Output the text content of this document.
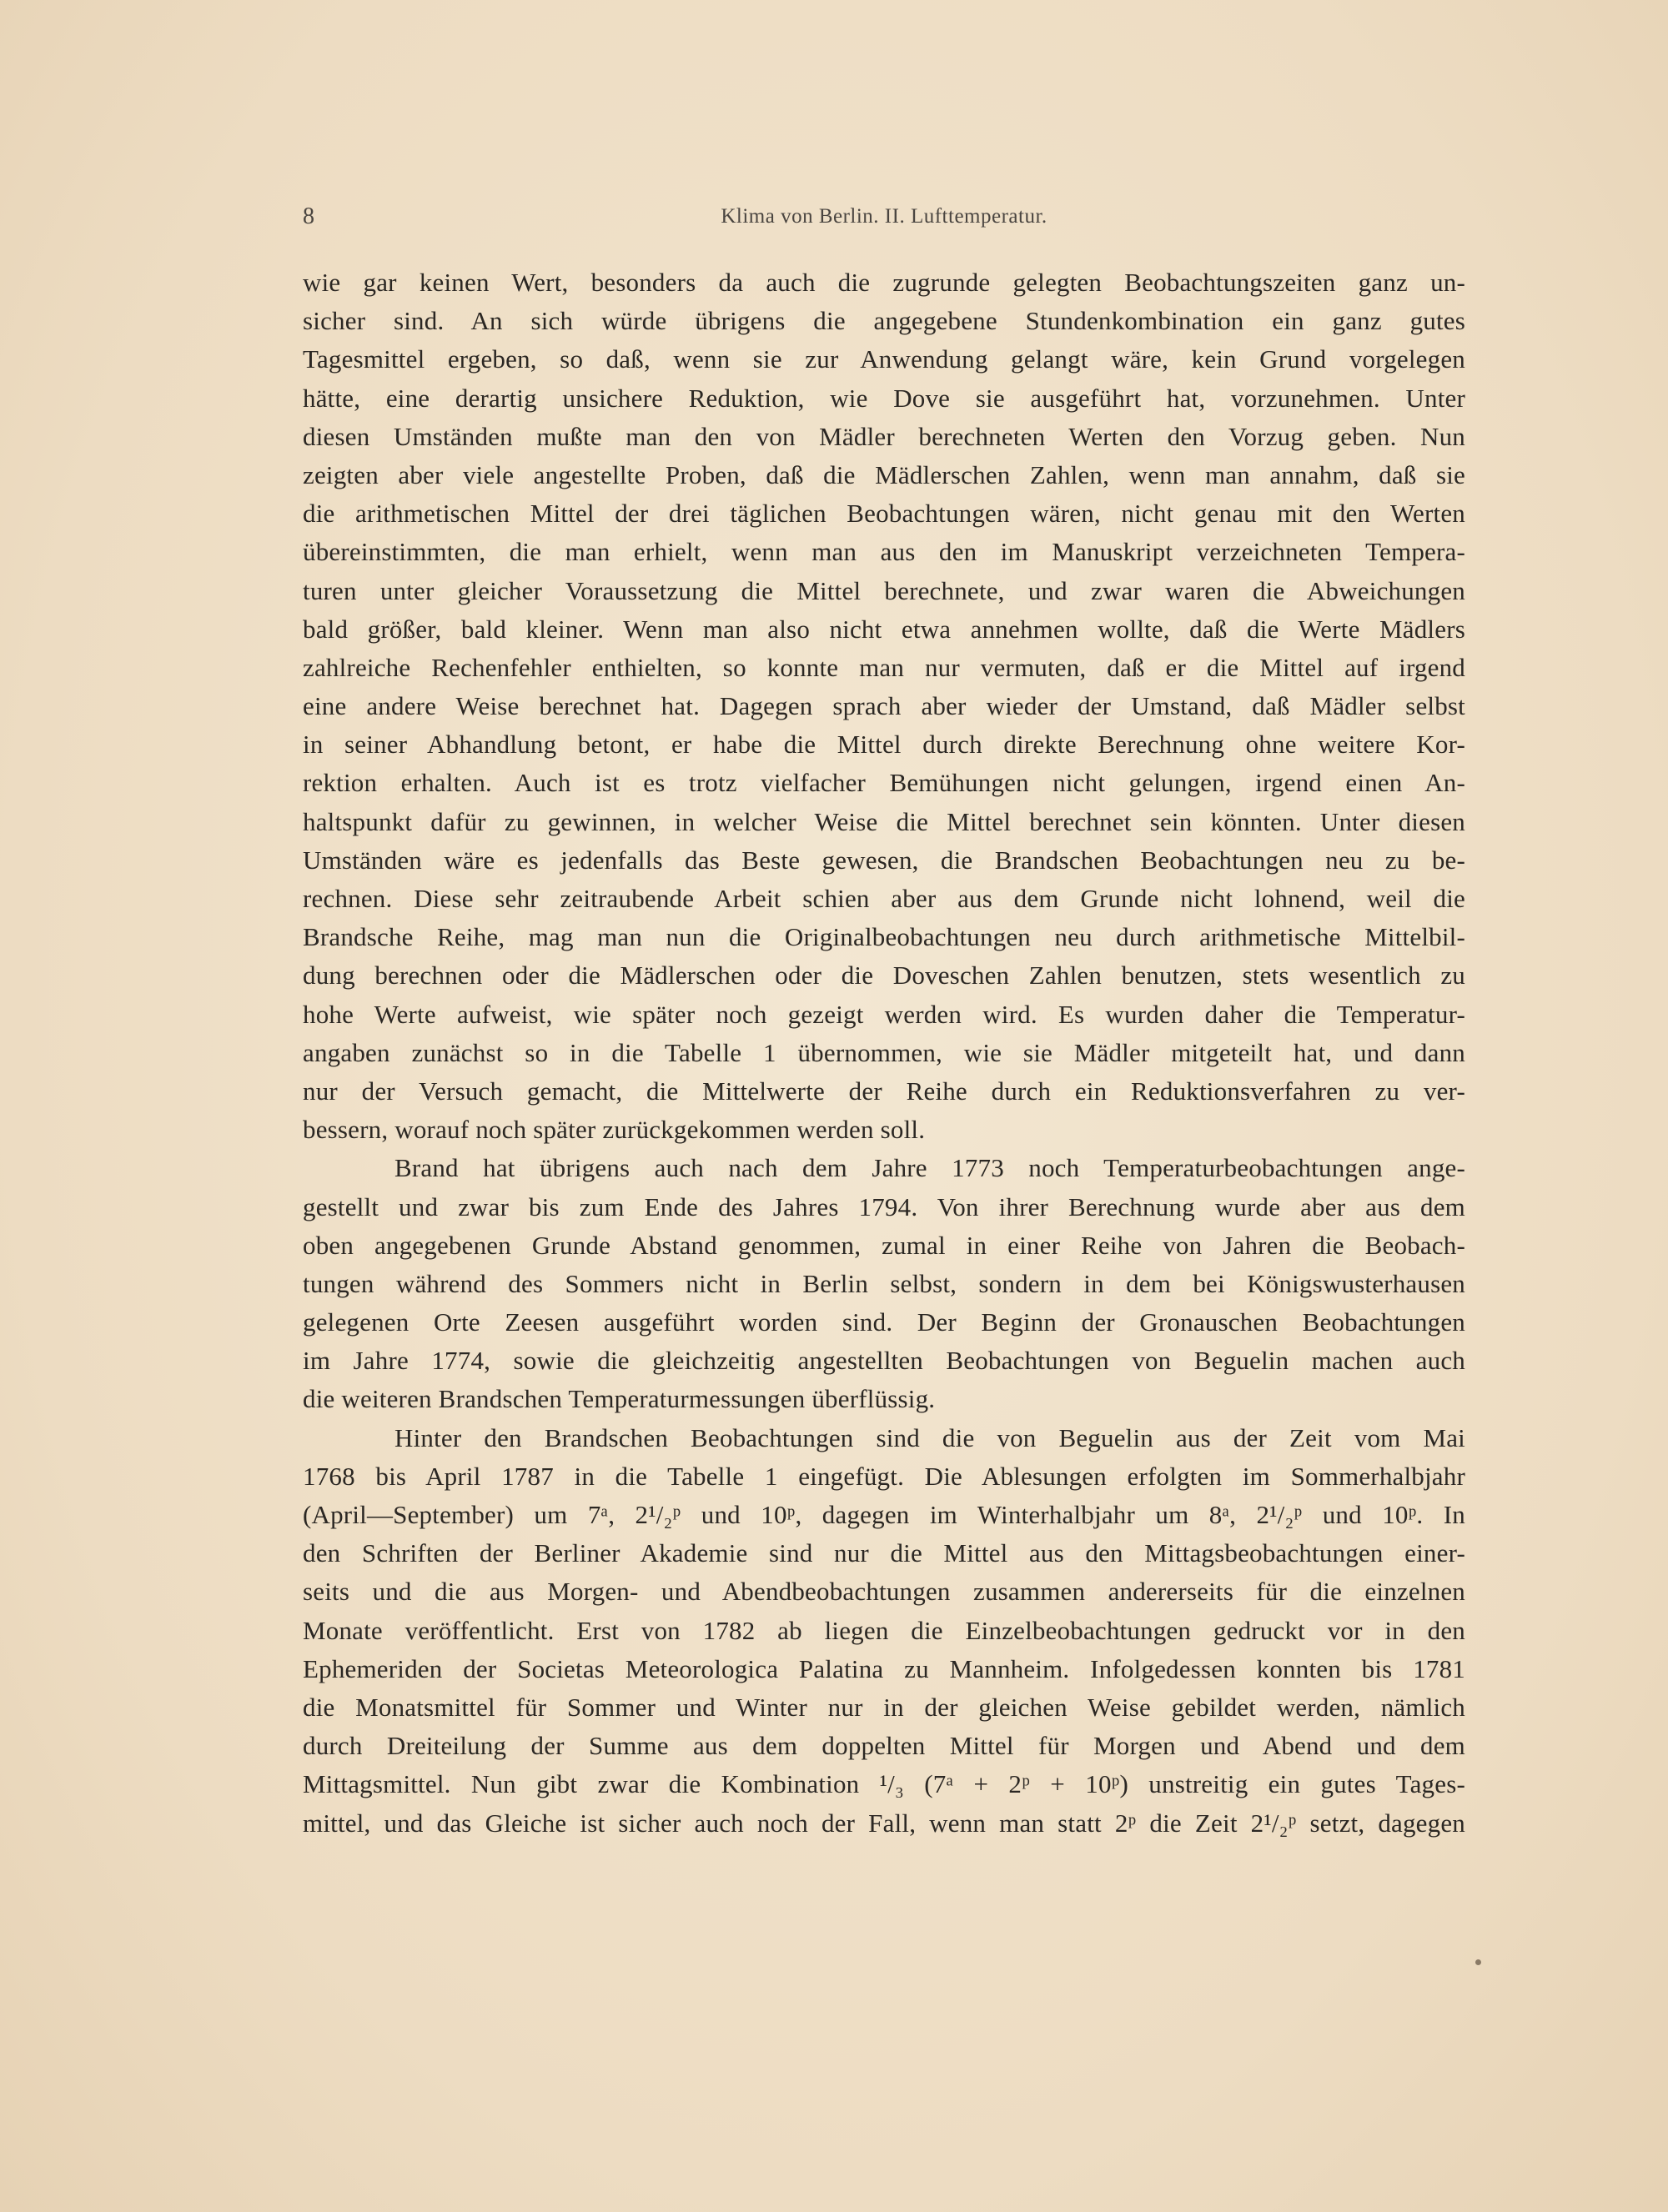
8	Klima von Berlin. II. Lufttemperatur.
wie gar keinen Wert, besonders da auch die zugrunde gelegten Beobachtungszeiten ganz un-
sicher sind. An sich würde übrigens die angegebene Stundenkombination ein ganz gutes
Tagesmittel ergeben, so daß, wenn sie zur Anwendung gelangt wäre, kein Grund vorgelegen
hätte, eine derartig unsichere Reduktion, wie Dove sie ausgeführt hat, vorzunehmen. Unter
diesen Umständen mußte man den von Mädler berechneten Werten den Vorzug geben. Nun
zeigten aber viele angestellte Proben, daß die Mädlerschen Zahlen, wenn man annahm, daß sie
die arithmetischen Mittel der drei täglichen Beobachtungen wären, nicht genau mit den Werten
übereinstimmten, die man erhielt, wenn man aus den im Manuskript verzeichneten Tempera-
turen unter gleicher Voraussetzung die Mittel berechnete, und zwar waren die Abweichungen
bald größer, bald kleiner. Wenn man also nicht etwa annehmen wollte, daß die Werte Mädlers
zahlreiche Rechenfehler enthielten, so konnte man nur vermuten, daß er die Mittel auf irgend
eine andere Weise berechnet hat. Dagegen sprach aber wieder der Umstand, daß Mädler selbst
in seiner Abhandlung betont, er habe die Mittel durch direkte Berechnung ohne weitere Kor-
rektion erhalten. Auch ist es trotz vielfacher Bemühungen nicht gelungen, irgend einen An-
haltspunkt dafür zu gewinnen, in welcher Weise die Mittel berechnet sein könnten. Unter diesen
Umständen wäre es jedenfalls das Beste gewesen, die Brandschen Beobachtungen neu zu be-
rechnen. Diese sehr zeitraubende Arbeit schien aber aus dem Grunde nicht lohnend, weil die
Brandsche Reihe, mag man nun die Originalbeobachtungen neu durch arithmetische Mittelbil-
dung berechnen oder die Mädlerschen oder die Doveschen Zahlen benutzen, stets wesentlich zu
hohe Werte aufweist, wie später noch gezeigt werden wird. Es wurden daher die Temperatur-
angaben zunächst so in die Tabelle 1 übernommen, wie sie Mädler mitgeteilt hat, und dann
nur der Versuch gemacht, die Mittelwerte der Reihe durch ein Reduktionsverfahren zu ver-
bessern, worauf noch später zurückgekommen werden soll.
Brand hat übrigens auch nach dem Jahre 1773 noch Temperaturbeobachtungen ange-
gestellt und zwar bis zum Ende des Jahres 1794. Von ihrer Berechnung wurde aber aus dem
oben angegebenen Grunde Abstand genommen, zumal in einer Reihe von Jahren die Beobach-
tungen während des Sommers nicht in Berlin selbst, sondern in dem bei Königswusterhausen
gelegenen Orte Zeesen ausgeführt worden sind. Der Beginn der Gronauschen Beobachtungen
im Jahre 1774, sowie die gleichzeitig angestellten Beobachtungen von Beguelin machen auch
die weiteren Brandschen Temperaturmessungen überflüssig.
Hinter den Brandschen Beobachtungen sind die von Beguelin aus der Zeit vom Mai
1768 bis April 1787 in die Tabelle 1 eingefügt. Die Ablesungen erfolgten im Sommerhalbjahr
(April—September) um 7ᵃ, 2¹/₂ᵖ und 10ᵖ, dagegen im Winterhalbjahr um 8ᵃ, 2¹/₂ᵖ und 10ᵖ. In
den Schriften der Berliner Akademie sind nur die Mittel aus den Mittagsbeobachtungen einer-
seits und die aus Morgen- und Abendbeobachtungen zusammen andererseits für die einzelnen
Monate veröffentlicht. Erst von 1782 ab liegen die Einzelbeobachtungen gedruckt vor in den
Ephemeriden der Societas Meteorologica Palatina zu Mannheim. Infolgedessen konnten bis 1781
die Monatsmittel für Sommer und Winter nur in der gleichen Weise gebildet werden, nämlich
durch Dreiteilung der Summe aus dem doppelten Mittel für Morgen und Abend und dem
Mittagsmittel. Nun gibt zwar die Kombination ¹/₃ (7ᵃ + 2ᵖ + 10ᵖ) unstreitig ein gutes Tages-
mittel, und das Gleiche ist sicher auch noch der Fall, wenn man statt 2ᵖ die Zeit 2¹/₂ᵖ setzt, dagegen
